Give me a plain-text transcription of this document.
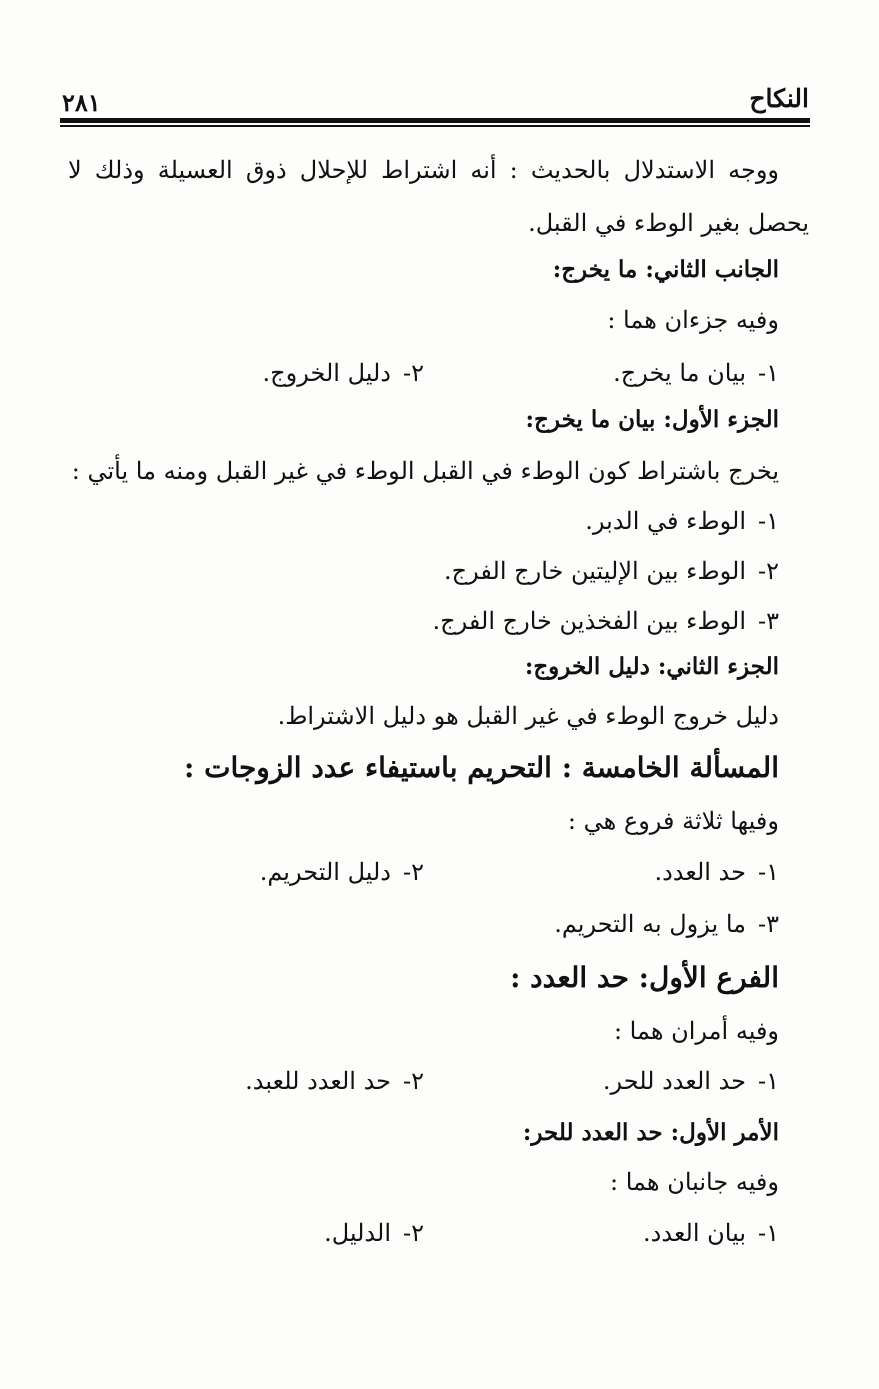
النكاح
٢٨١
ووجه الاستدلال بالحديث : أنه اشتراط للإحلال ذوق العسيلة وذلك لا
يحصل بغير الوطء في القبل.
الجانب الثاني: ما يخرج:
وفيه جزءان هما :
١-بيان ما يخرج.
٢-دليل الخروج.
الجزء الأول: بيان ما يخرج:
يخرج باشتراط كون الوطء في القبل الوطء في غير القبل ومنه ما يأتي :
١-الوطء في الدبر.
٢-الوطء بين الإليتين خارج الفرج.
٣-الوطء بين الفخذين خارج الفرج.
الجزء الثاني: دليل الخروج:
دليل خروج الوطء في غير القبل هو دليل الاشتراط.
المسألة الخامسة : التحريم باستيفاء عدد الزوجات :
وفيها ثلاثة فروع هي :
١-حد العدد.
٢-دليل التحريم.
٣-ما يزول به التحريم.
الفرع الأول: حد العدد :
وفيه أمران هما :
١-حد العدد للحر.
٢-حد العدد للعبد.
الأمر الأول: حد العدد للحر:
وفيه جانبان هما :
١-بيان العدد.
٢-الدليل.
